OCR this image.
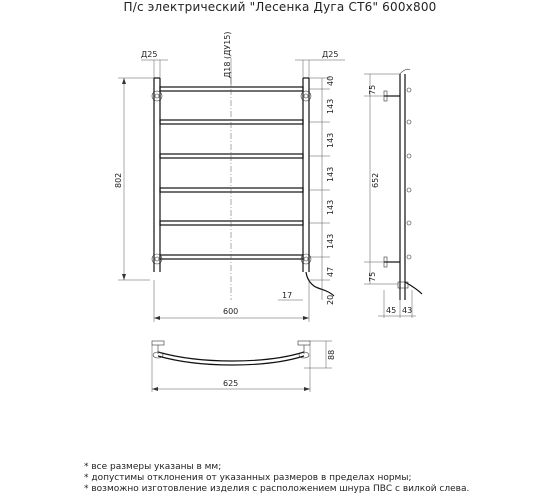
П/с электрический "Лесенка Дуга СТ6" 600х800
Д25	Д25
Д18 (ДУ15)
802
40
143
143
143
143
143
47
20
600
17
75
652
75
45 43
88
625
* все размеры указаны в мм;
* допустимы отклонения от указанных размеров в пределах нормы;
* возможно изготовление изделия с расположением шнура ПВС с вилкой слева.
